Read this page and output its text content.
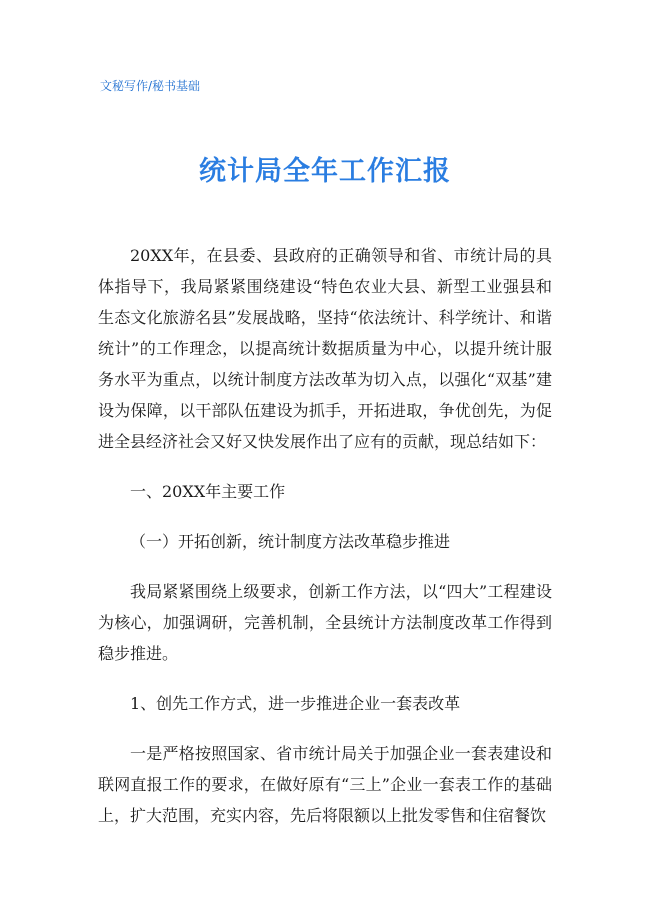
文秘写作/秘书基础
统计局全年工作汇报

20XX年，在县委、县政府的正确领导和省、市统计局的具体指导下，我局紧紧围绕建设“特色农业大县、新型工业强县和生态文化旅游名县”发展战略，坚持“依法统计、科学统计、和谐统计”的工作理念，以提高统计数据质量为中心，以提升统计服务水平为重点，以统计制度方法改革为切入点，以强化“双基”建设为保障，以干部队伍建设为抓手，开拓进取，争优创先，为促进全县经济社会又好又快发展作出了应有的贡献，现总结如下：

一、20XX年主要工作

（一）开拓创新，统计制度方法改革稳步推进

我局紧紧围绕上级要求，创新工作方法，以“四大”工程建设为核心，加强调研，完善机制，全县统计方法制度改革工作得到稳步推进。

1、创先工作方式，进一步推进企业一套表改革

一是严格按照国家、省市统计局关于加强企业一套表建设和联网直报工作的要求，在做好原有“三上”企业一套表工作的基础上，扩大范围，充实内容，先后将限额以上批发零售和住宿餐饮
